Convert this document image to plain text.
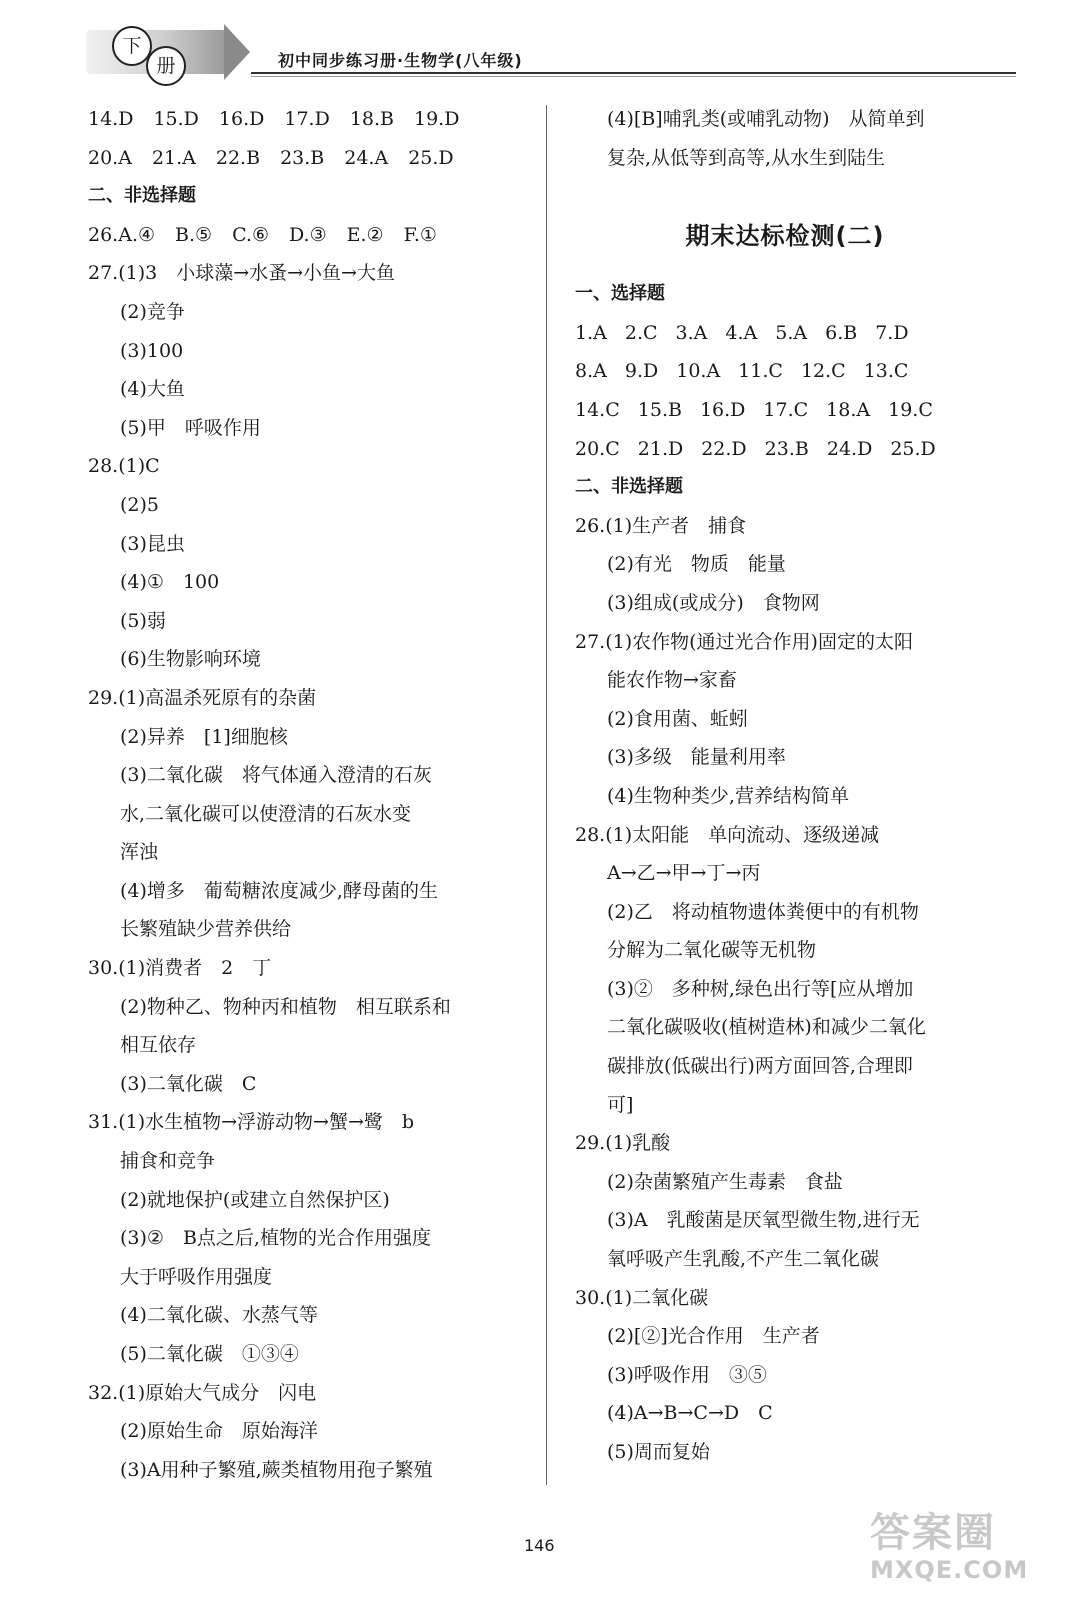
下
册	初中同步练习册·生物学(八年级)
14.D 15.D 16.D 17.D 18.B 19.D
20.A 21.A 22.B 23.B 24.A 25.D
二、非选择题
26.A.④ B.⑤ C.⑥ D.③ E.② F.①
27.(1)3　小球藻→水蚤→小鱼→大鱼
(2)竞争
(3)100
(4)大鱼
(5)甲　呼吸作用
28.(1)C
(2)5
(3)昆虫
(4)①　100
(5)弱
(6)生物影响环境
29.(1)高温杀死原有的杂菌
(2)异养　[1]细胞核
(3)二氧化碳　将气体通入澄清的石灰
水,二氧化碳可以使澄清的石灰水变
浑浊
(4)增多　葡萄糖浓度减少,酵母菌的生
长繁殖缺少营养供给
30.(1)消费者　2　丁
(2)物种乙、物种丙和植物　相互联系和
相互依存
(3)二氧化碳　C
31.(1)水生植物→浮游动物→蟹→鹭　b
捕食和竞争
(2)就地保护(或建立自然保护区)
(3)②　B点之后,植物的光合作用强度
大于呼吸作用强度
(4)二氧化碳、水蒸气等
(5)二氧化碳　①③④
32.(1)原始大气成分　闪电
(2)原始生命　原始海洋
(3)A用种子繁殖,蕨类植物用孢子繁殖
(4)[B]哺乳类(或哺乳动物)　从简单到
复杂,从低等到高等,从水生到陆生
期末达标检测(二)
一、选择题
1.A 2.C 3.A 4.A 5.A 6.B 7.D
8.A 9.D 10.A 11.C 12.C 13.C
14.C 15.B 16.D 17.C 18.A 19.C
20.C 21.D 22.D 23.B 24.D 25.D
二、非选择题
26.(1)生产者　捕食
(2)有光　物质　能量
(3)组成(或成分)　食物网
27.(1)农作物(通过光合作用)固定的太阳
能农作物→家畜
(2)食用菌、蚯蚓
(3)多级　能量利用率
(4)生物种类少,营养结构简单
28.(1)太阳能　单向流动、逐级递减
A→乙→甲→丁→丙
(2)乙　将动植物遗体粪便中的有机物
分解为二氧化碳等无机物
(3)②　多种树,绿色出行等[应从增加
二氧化碳吸收(植树造林)和减少二氧化
碳排放(低碳出行)两方面回答,合理即
可]
29.(1)乳酸
(2)杂菌繁殖产生毒素　食盐
(3)A　乳酸菌是厌氧型微生物,进行无
氧呼吸产生乳酸,不产生二氧化碳
30.(1)二氧化碳
(2)[②]光合作用　生产者
(3)呼吸作用　③⑤
(4)A→B→C→D　C
(5)周而复始
146	答案圈
MXQE.COM
